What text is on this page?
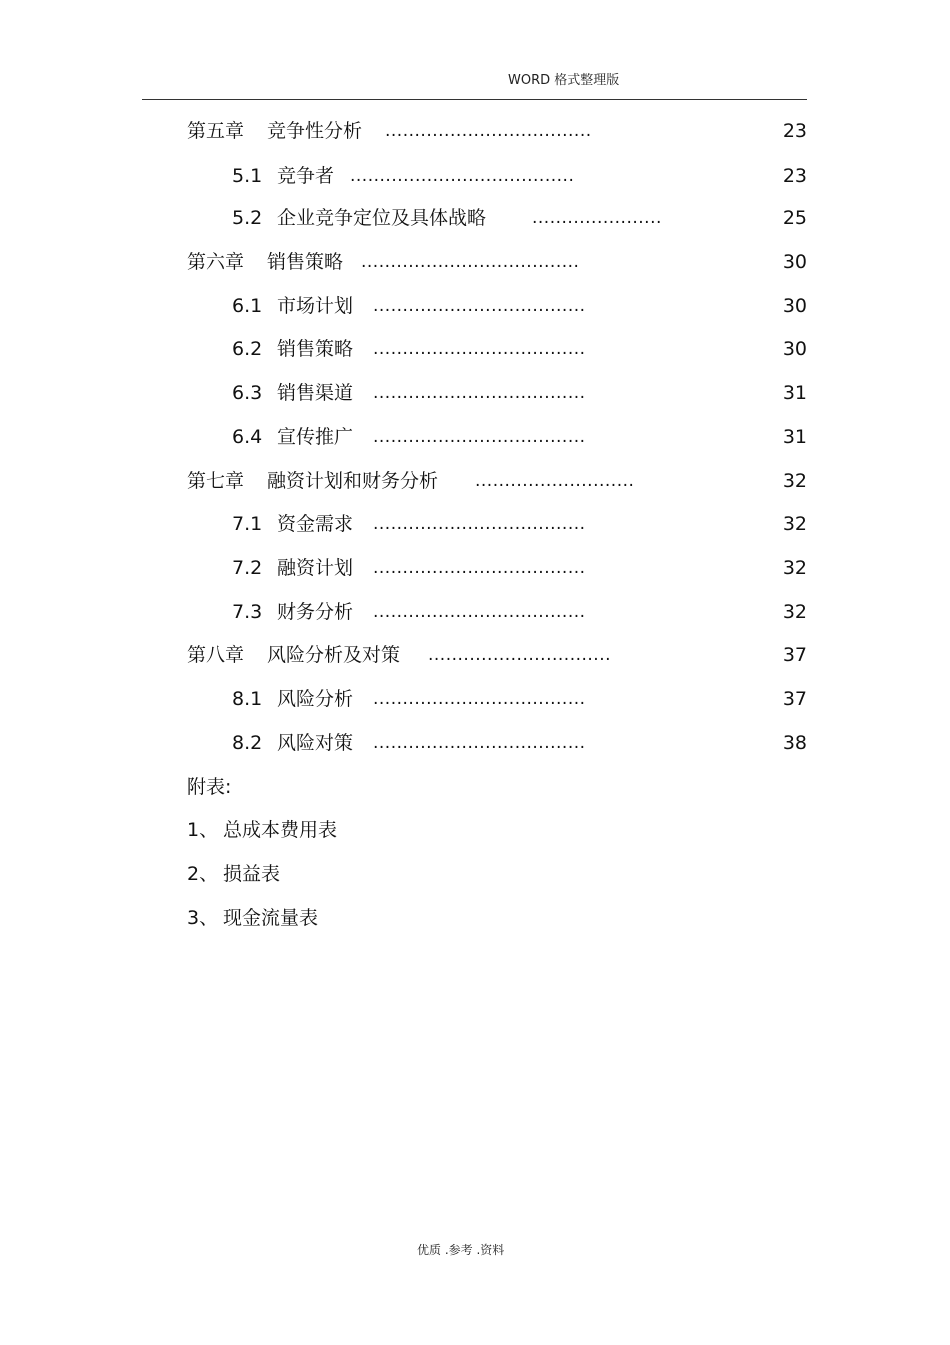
WORD 格式整理版
第五章 竞争性分析 ...................................	23
5.1 竞争者 ......................................	23
5.2 企业竞争定位及具体战略	......................	25
第六章 销售策略 .....................................	30
6.1 市场计划 ....................................	30
6.2 销售策略 ....................................	30
6.3 销售渠道 ....................................	31
6.4 宣传推广 ....................................	31
第七章 融资计划和财务分析 ...........................	32
7.1 资金需求 ....................................	32
7.2 融资计划 ....................................	32
7.3 财务分析 ....................................	32
第八章 风险分析及对策 ...............................	37
8.1 风险分析 ....................................	37
8.2 风险对策 ....................................	38
附表:
1、 总成本费用表
2、 损益表
3、 现金流量表
优质 .参考 .资料
